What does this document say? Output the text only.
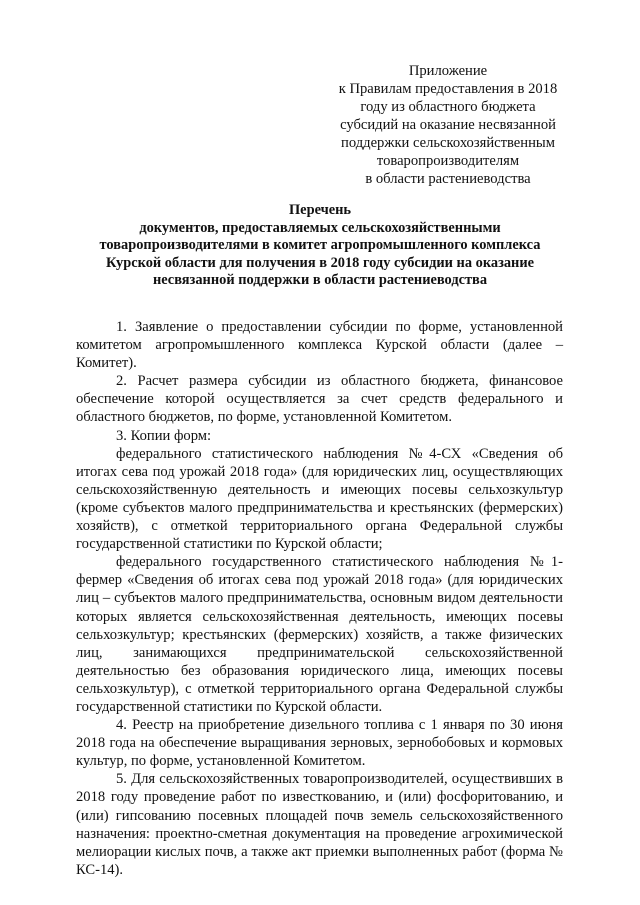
Приложение
к Правилам предоставления в 2018
году из областного бюджета
субсидий на оказание несвязанной
поддержки сельскохозяйственным
товаропроизводителям
в области растениеводства
Перечень
документов, предоставляемых сельскохозяйственными
товаропроизводителями в комитет агропромышленного комплекса
Курской области для получения в 2018 году субсидии на оказание
несвязанной поддержки в области растениеводства

1. Заявление о предоставлении субсидии по форме, установленной комитетом агропромышленного комплекса Курской области (далее – Комитет).

2. Расчет размера субсидии из областного бюджета, финансовое обеспечение которой осуществляется за счет средств федерального и областного бюджетов, по форме, установленной Комитетом.

3. Копии форм:

федерального статистического наблюдения №4-СХ «Сведения об итогах сева под урожай 2018 года» (для юридических лиц, осуществляющих сельскохозяйственную деятельность и имеющих посевы сельхозкультур (кроме субъектов малого предпринимательства и крестьянских (фермерских) хозяйств), с отметкой территориального органа Федеральной службы государственной статистики по Курской области;

федерального государственного статистического наблюдения №1-фермер «Сведения об итогах сева под урожай 2018 года» (для юридических лиц – субъектов малого предпринимательства, основным видом деятельности которых является сельскохозяйственная деятельность, имеющих посевы сельхозкультур; крестьянских (фермерских) хозяйств, а также физических лиц, занимающихся предпринимательской сельскохозяйственной деятельностью без образования юридического лица, имеющих посевы сельхозкультур), с отметкой территориального органа Федеральной службы государственной статистики по Курской области.

4. Реестр на приобретение дизельного топлива с 1 января по 30 июня 2018 года на обеспечение выращивания зерновых, зернобобовых и кормовых культур, по форме, установленной Комитетом.

5. Для сельскохозяйственных товаропроизводителей, осуществивших в 2018 году проведение работ по известкованию, и (или) фосфоритованию, и (или) гипсованию посевных площадей почв земель сельскохозяйственного назначения: проектно-сметная документация на проведение агрохимической мелиорации кислых почв, а также акт приемки выполненных работ (форма № КС-14).
